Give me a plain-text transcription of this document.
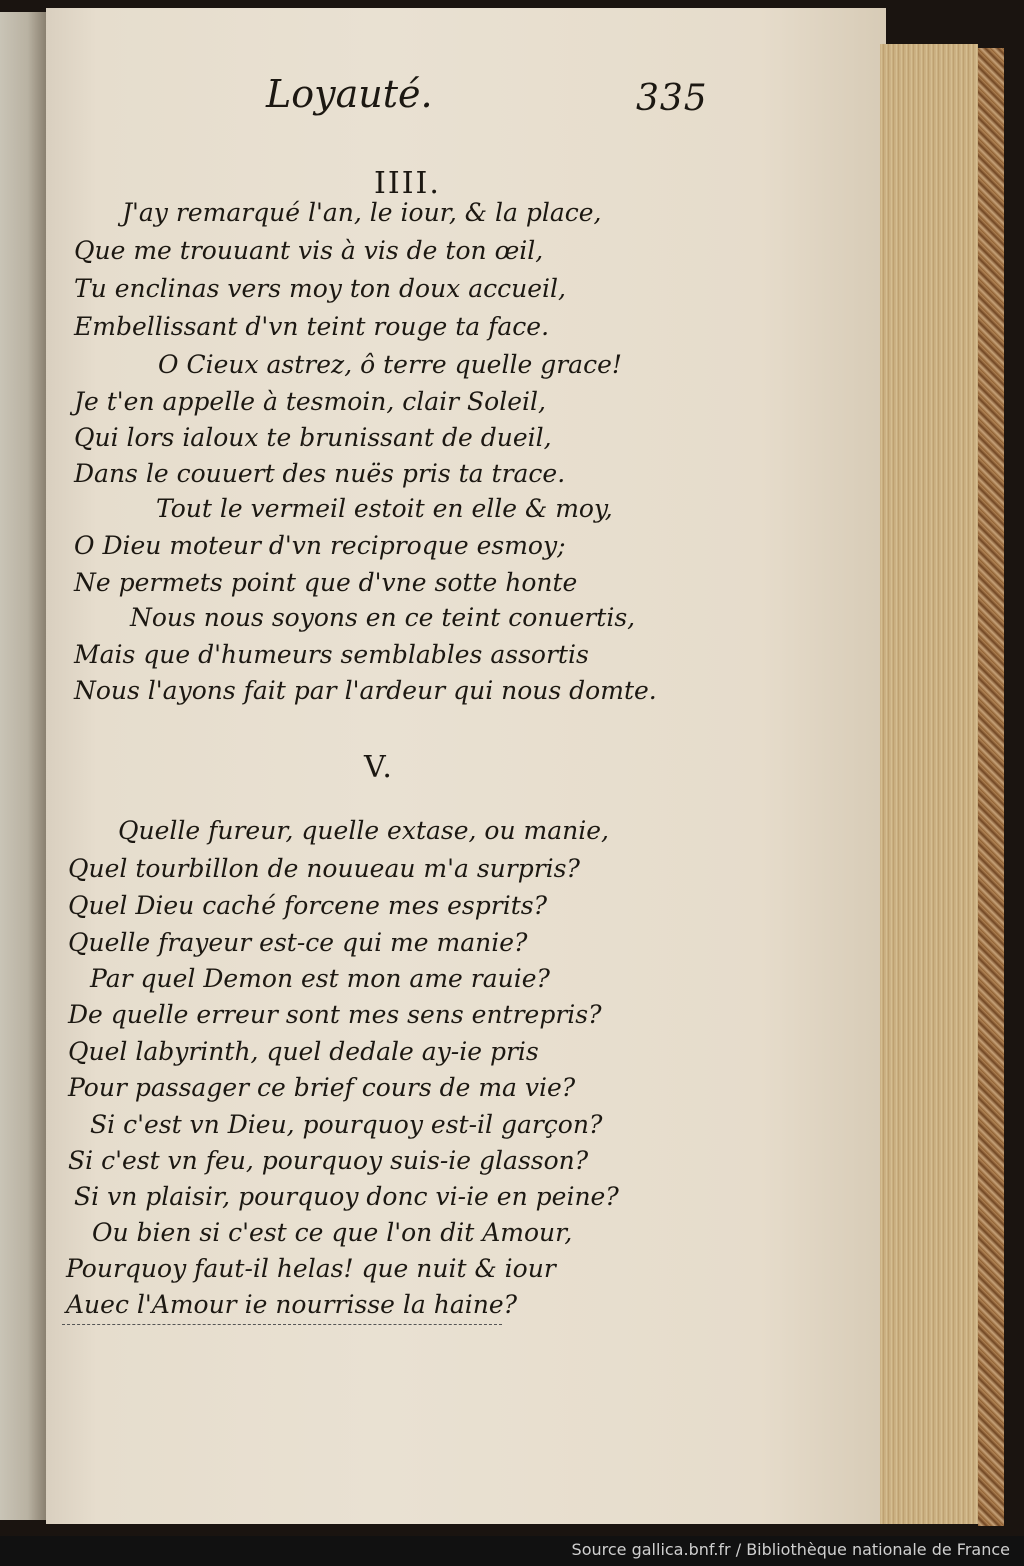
Loyauté.	335
IIII.
J'ay remarqué l'an, le iour, & la place,
Que me trouuant vis à vis de ton œil,
Tu enclinas vers moy ton doux accueil,
Embellissant d'vn teint rouge ta face.
O Cieux astrez, ô terre quelle grace!
Je t'en appelle à tesmoin, clair Soleil,
Qui lors ialoux te brunissant de dueil,
Dans le couuert des nuës pris ta trace.
Tout le vermeil estoit en elle & moy,
O Dieu moteur d'vn reciproque esmoy;
Ne permets point que d'vne sotte honte
Nous nous soyons en ce teint conuertis,
Mais que d'humeurs semblables assortis
Nous l'ayons fait par l'ardeur qui nous domte.
V.
Quelle fureur, quelle extase, ou manie,
Quel tourbillon de nouueau m'a surpris?
Quel Dieu caché forcene mes esprits?
Quelle frayeur est-ce qui me manie?
Par quel Demon est mon ame rauie?
De quelle erreur sont mes sens entrepris?
Quel labyrinth, quel dedale ay-ie pris
Pour passager ce brief cours de ma vie?
Si c'est vn Dieu, pourquoy est-il garçon?
Si c'est vn feu, pourquoy suis-ie glasson?
Si vn plaisir, pourquoy donc vi-ie en peine?
Ou bien si c'est ce que l'on dit Amour,
Pourquoy faut-il helas! que nuit & iour
Auec l'Amour ie nourrisse la haine?
Source gallica.bnf.fr / Bibliothèque nationale de France
